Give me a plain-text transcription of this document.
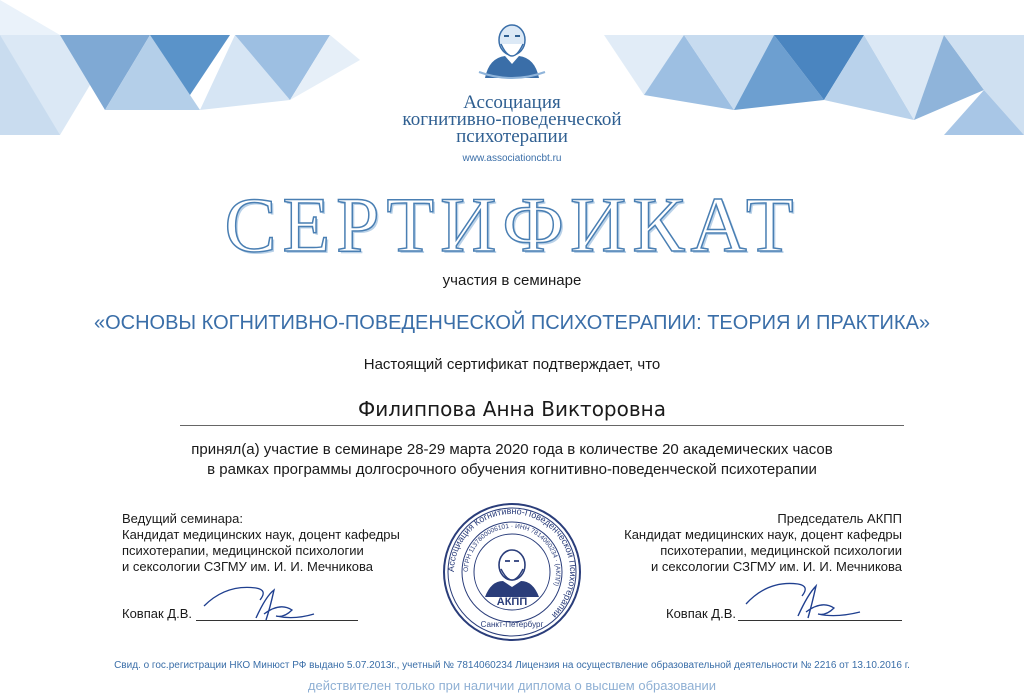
Ассоциация
когнитивно-поведенческой
психотерапии
www.associationcbt.ru
СЕРТИФИКАТ
участия в семинаре
«ОСНОВЫ КОГНИТИВНО-ПОВЕДЕНЧЕСКОЙ ПСИХОТЕРАПИИ: ТЕОРИЯ И ПРАКТИКА»
Настоящий сертификат подтверждает, что
Филиппова Анна Викторовна
принял(а) участие в семинаре 28-29 марта 2020 года в количестве 20 академических часов
в рамках программы долгосрочного обучения когнитивно-поведенческой психотерапии
Ведущий семинара:
Кандидат медицинских наук, доцент кафедры
психотерапии, медицинской психологии
и сексологии СЗГМУ им. И. И. Мечникова
Ковпак Д.В.
Председатель АКПП
Кандидат медицинских наук, доцент кафедры
психотерапии, медицинской психологии
и сексологии СЗГМУ им. И. И. Мечникова
Ковпак Д.В.
Ассоциация Когнитивно-Поведенческой Психотерапии
ОГРН 1137800006101 · ИНН 7814060234 · (АКПП)
АКПП
Санкт-Петербург
Свид. о гос.регистрации НКО Минюст РФ выдано 5.07.2013г., учетный № 7814060234 Лицензия на осуществление образовательной деятельности № 2216 от 13.10.2016 г.
действителен только при наличии диплома о высшем образовании
